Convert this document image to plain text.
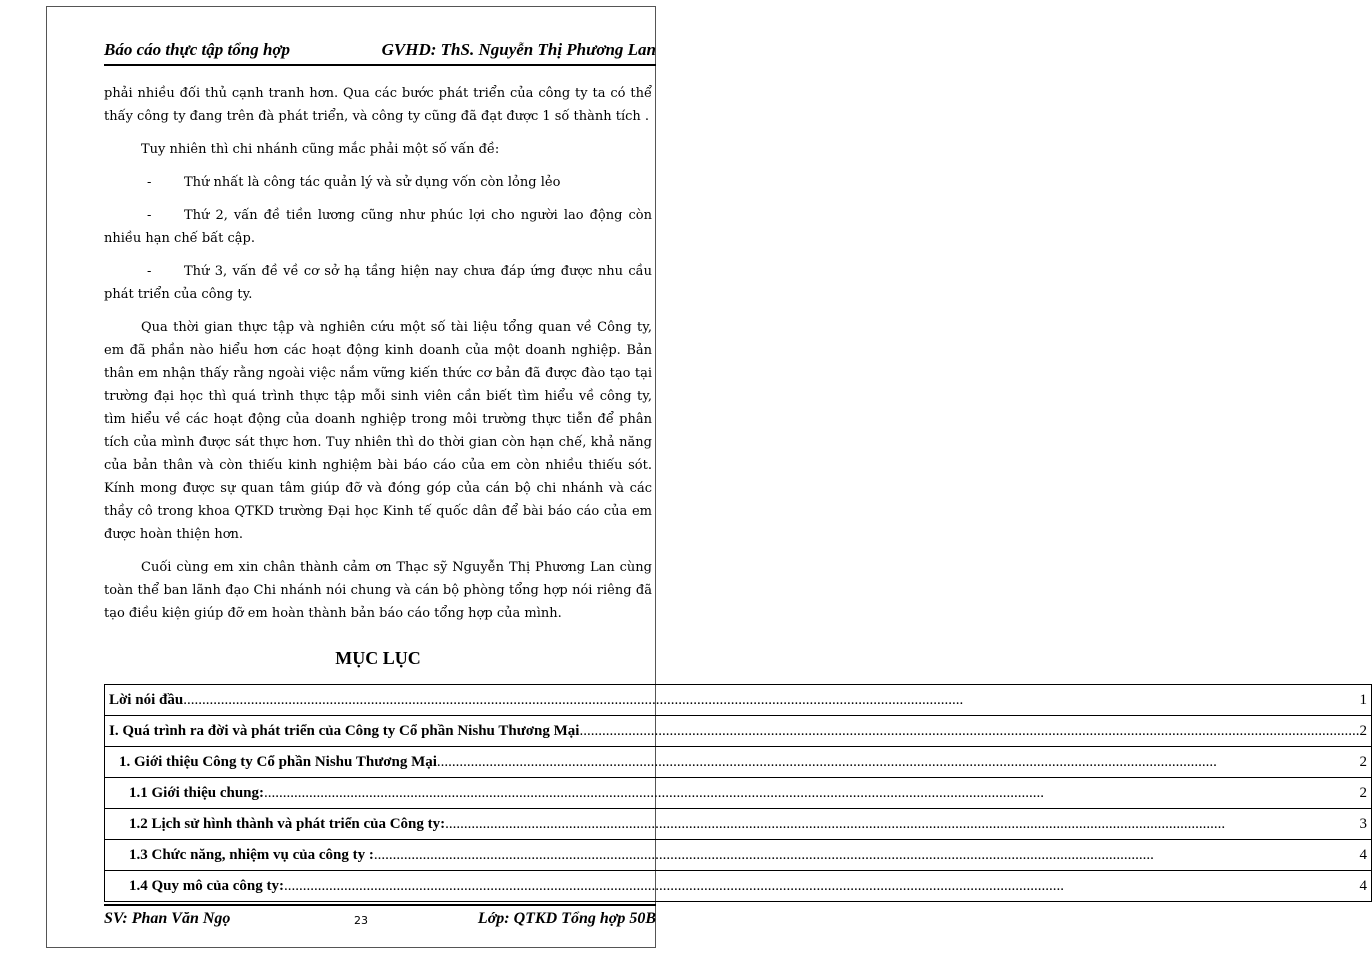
Báo cáo thực tập tổng hợp	GVHD: ThS. Nguyễn Thị Phương Lan

phải nhiều đối thủ cạnh tranh hơn. Qua các bước phát triển của công ty ta có thể thấy công ty đang trên đà phát triển, và công ty cũng đã đạt được 1 số thành tích .

Tuy nhiên thì chi nhánh cũng mắc phải một số vấn đề:

-	Thứ nhất là công tác quản lý và sử dụng vốn còn lỏng lẻo

-	Thứ 2, vấn đề tiền lương cũng như phúc lợi cho người lao động còn nhiều hạn chế bất cập.

-	Thứ 3, vấn đề về cơ sở hạ tầng hiện nay chưa đáp ứng được nhu cầu phát triển của công ty.

Qua thời gian thực tập và nghiên cứu một số tài liệu tổng quan về Công ty, em đã phần nào hiểu hơn các hoạt động kinh doanh của một doanh nghiệp. Bản thân em nhận thấy rằng ngoài việc nắm vững kiến thức cơ bản đã được đào tạo tại trường đại học thì quá trình thực tập mỗi sinh viên cần biết tìm hiểu về công ty, tìm hiểu về các hoạt động của doanh nghiệp trong môi trường thực tiễn để phân tích của mình được sát thực hơn. Tuy nhiên thì do thời gian còn hạn chế, khả năng của bản thân và còn thiếu kinh nghiệm bài báo cáo của em còn nhiều thiếu sót. Kính mong được sự quan tâm giúp đỡ và đóng góp của cán bộ chi nhánh và các thầy cô trong khoa QTKD trường Đại học Kinh tế quốc dân để bài báo cáo của em được hoàn thiện hơn.

Cuối cùng em xin chân thành cảm ơn Thạc sỹ Nguyễn Thị Phương Lan cùng toàn thể ban lãnh đạo Chi nhánh nói chung và cán bộ phòng tổng hợp nói riêng đã tạo điều kiện giúp đỡ em hoàn thành bản báo cáo tổng hợp của mình.

MỤC LỤC
Lời nói đầu .....	1

I. Quá trình ra đời và phát triển của Công ty Cổ phần Nishu Thương Mại .....	2

1. Giới thiệu Công ty Cổ phần Nishu Thương Mại .....	2

1.1 Giới thiệu chung: .....	2

1.2 Lịch sử hình thành và phát triển của Công ty: .....	3

1.3 Chức năng, nhiệm vụ của công ty : .....	4

1.4 Quy mô của công ty: .....	4
SV: Phan Văn Ngọ	23	Lớp: QTKD Tổng hợp 50B
